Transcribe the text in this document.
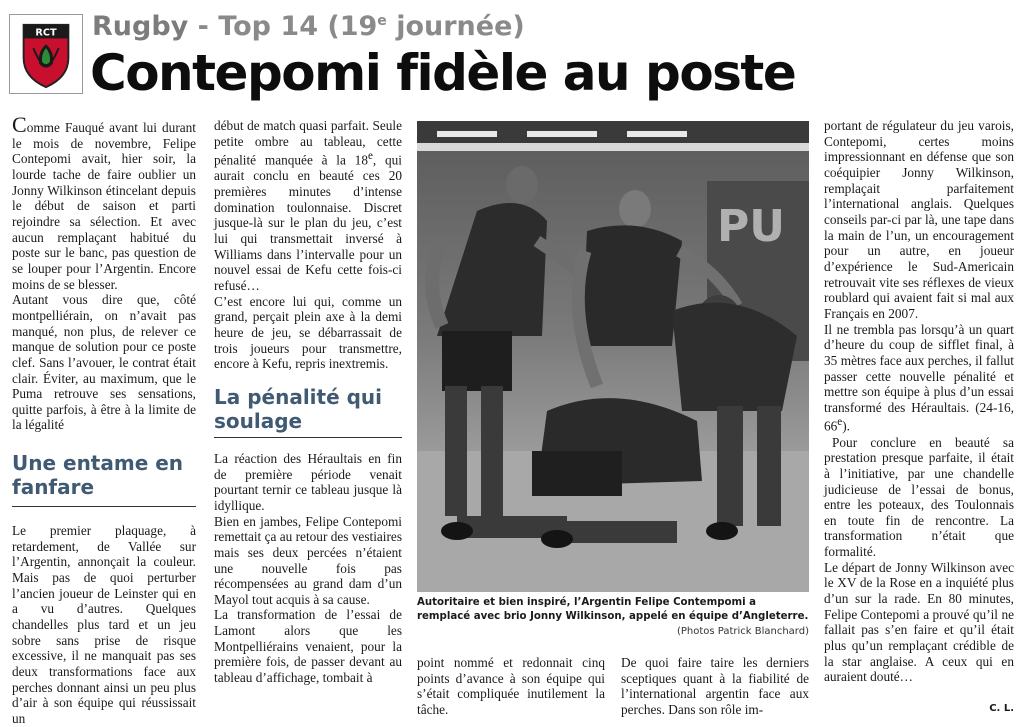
RCT Rugby - Top 14 (19e journée)
Contepomi fidèle au poste

Comme Fauqué avant lui durant le mois de novembre, Felipe Contepomi avait, hier soir, la lourde tache de faire oublier un Jonny Wilkinson étincelant depuis le début de saison et parti rejoindre sa sélection. Et avec aucun remplaçant habitué du poste sur le banc, pas question de se louper pour l’Argentin. Encore moins de se blesser.

Autant vous dire que, côté montpelliérain, on n’avait pas manqué, non plus, de relever ce manque de solution pour ce poste clef. Sans l’avouer, le contrat était clair. Éviter, au maximum, que le Puma retrouve ses sensations, quitte parfois, à être à la limite de la légalité

Une entame en fanfare

Le premier plaquage, à retardement, de Vallée sur l’Argentin, annonçait la couleur. Mais pas de quoi perturber l’ancien joueur de Leinster qui en a vu d’autres. Quelques chandelles plus tard et un jeu sobre sans prise de risque excessive, il ne manquait pas ses deux transformations face aux perches donnant ainsi un peu plus d’air à son équipe qui réussissait un

début de match quasi parfait. Seule petite ombre au tableau, cette pénalité manquée à la 18e, qui aurait conclu en beauté ces 20 premières minutes d’intense domination toulonnaise. Discret jusque-là sur le plan du jeu, c’est lui qui transmettait inversé à Williams dans l’intervalle pour un nouvel essai de Kefu cette fois-ci refusé…

C’est encore lui qui, comme un grand, perçait plein axe à la demi heure de jeu, se débarrassait de trois joueurs pour transmettre, encore à Kefu, repris inextremis.

La pénalité qui soulage

La réaction des Héraultais en fin de première période venait pourtant ternir ce tableau jusque là idyllique.

Bien en jambes, Felipe Contepomi remettait ça au retour des vestiaires mais ses deux percées n’étaient une nouvelle fois pas récompensées au grand dam d’un Mayol tout acquis à sa cause.

La transformation de l’essai de Lamont alors que les Montpelliérains venaient, pour la première fois, de passer devant au tableau d’affichage, tombait à

PU
Autoritaire et bien inspiré, l’Argentin Felipe Contempomi a remplacé avec brio Jonny Wilkinson, appelé en équipe d’Angleterre.
(Photos Patrick Blanchard)

point nommé et redonnait cinq points d’avance à son équipe qui s’était compliquée inutilement la tâche.

De quoi faire taire les derniers sceptiques quant à la fiabilité de l’international argentin face aux perches. Dans son rôle im-

portant de régulateur du jeu varois, Contepomi, certes moins impressionnant en défense que son coéquipier Jonny Wilkinson, remplaçait parfaitement l’international anglais. Quelques conseils par-ci par là, une tape dans la main de l’un, un encouragement pour un autre, en joueur d’expérience le Sud-Americain retrouvait vite ses réflexes de vieux roublard qui avaient fait si mal aux Français en 2007.

Il ne trembla pas lorsqu’à un quart d’heure du coup de sifflet final, à 35 mètres face aux perches, il fallut passer cette nouvelle pénalité et mettre son équipe à plus d’un essai transformé des Héraultais. (24-16, 66e).

Pour conclure en beauté sa prestation presque parfaite, il était à l’initiative, par une chandelle judicieuse de l’essai de bonus, entre les poteaux, des Toulonnais en toute fin de rencontre. La transformation n’était que formalité.

Le départ de Jonny Wilkinson avec le XV de la Rose en a inquiété plus d’un sur la rade. En 80 minutes, Felipe Contepomi a prouvé qu’il ne fallait pas s’en faire et qu’il était plus qu’un remplaçant crédible de la star anglaise. A ceux qui en auraient douté…

C. L.
